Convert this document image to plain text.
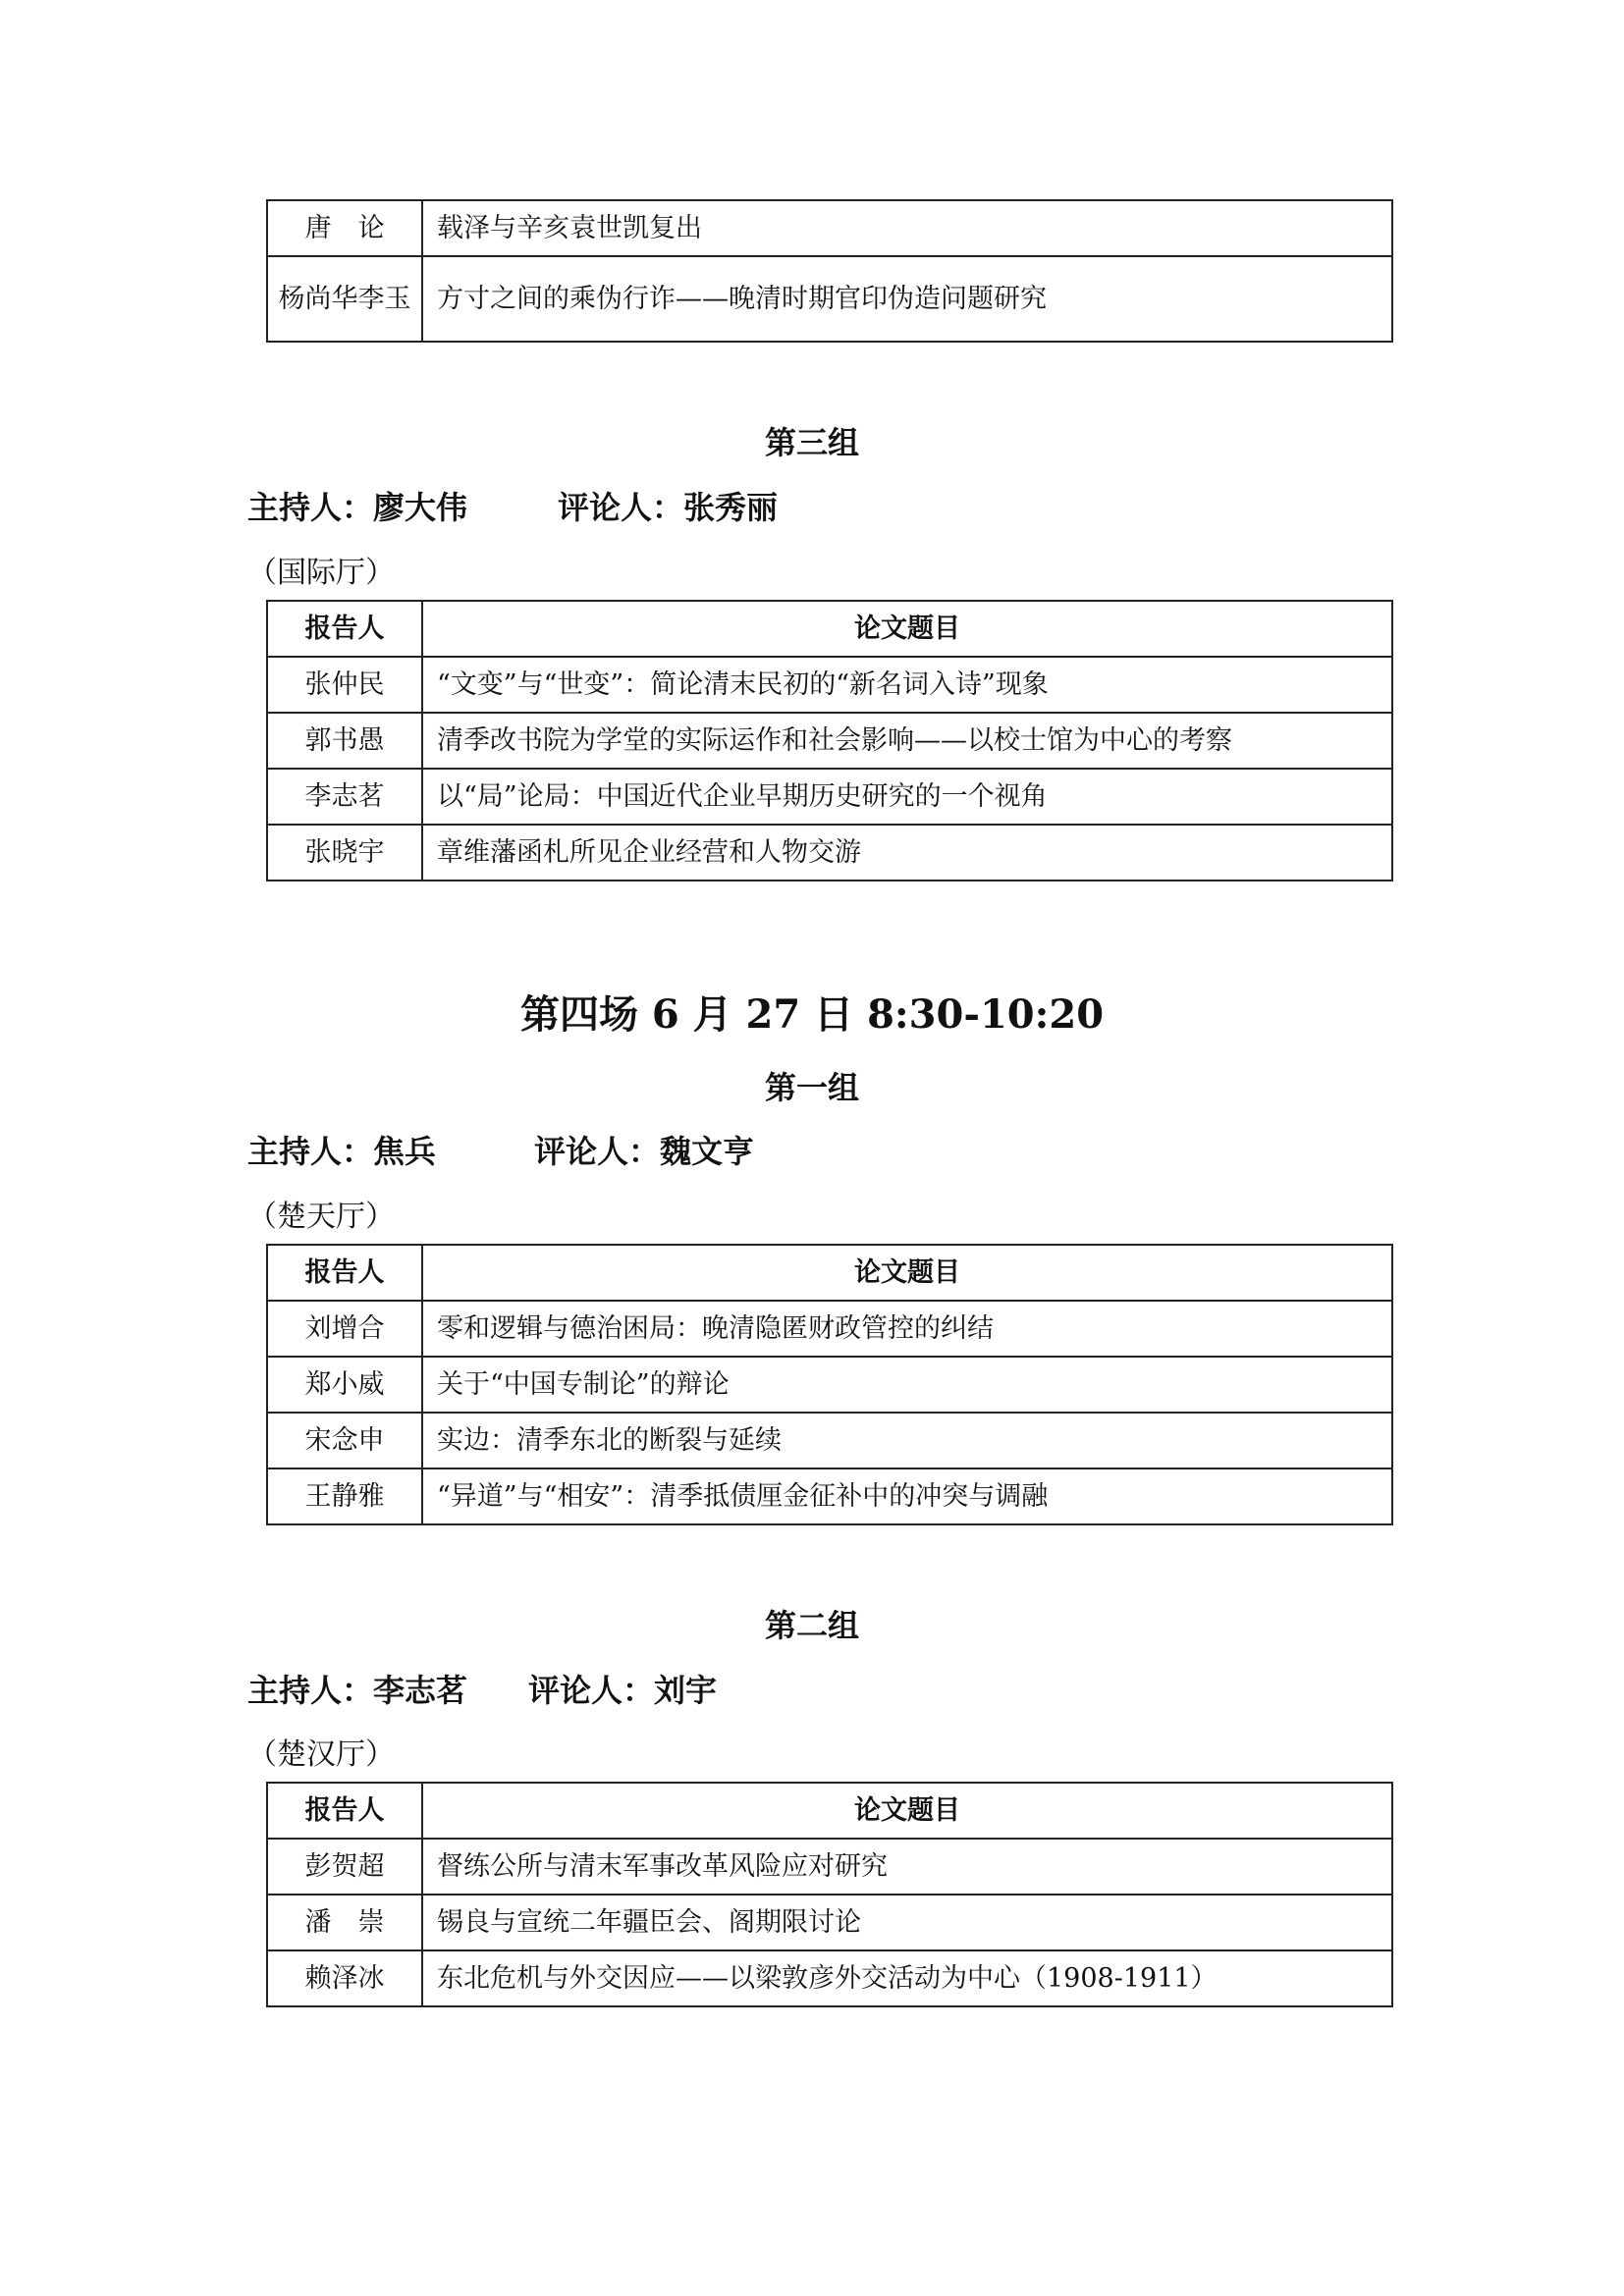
唐　论	载泽与辛亥袁世凯复出
杨尚华李玉	方寸之间的乘伪行诈——晚清时期官印伪造问题研究
第三组
主持人：廖大伟	评论人：张秀丽
（国际厅）
报告人	论文题目
张仲民	“文变”与“世变”：简论清末民初的“新名词入诗”现象
郭书愚	清季改书院为学堂的实际运作和社会影响——以校士馆为中心的考察
李志茗	以“局”论局：中国近代企业早期历史研究的一个视角
张晓宇	章维藩函札所见企业经营和人物交游
第四场 6 月 27 日 8:30-10:20
第一组
主持人：焦兵	评论人：魏文亨
（楚天厅）
报告人	论文题目
刘增合	零和逻辑与德治困局：晚清隐匿财政管控的纠结
郑小威	关于“中国专制论”的辩论
宋念申	实边：清季东北的断裂与延续
王静雅	“异道”与“相安”：清季抵债厘金征补中的冲突与调融
第二组
主持人：李志茗 评论人：刘宇
（楚汉厅）
报告人	论文题目
彭贺超	督练公所与清末军事改革风险应对研究
潘　崇	锡良与宣统二年疆臣会、阁期限讨论
赖泽冰	东北危机与外交因应——以梁敦彦外交活动为中心（1908-1911）
